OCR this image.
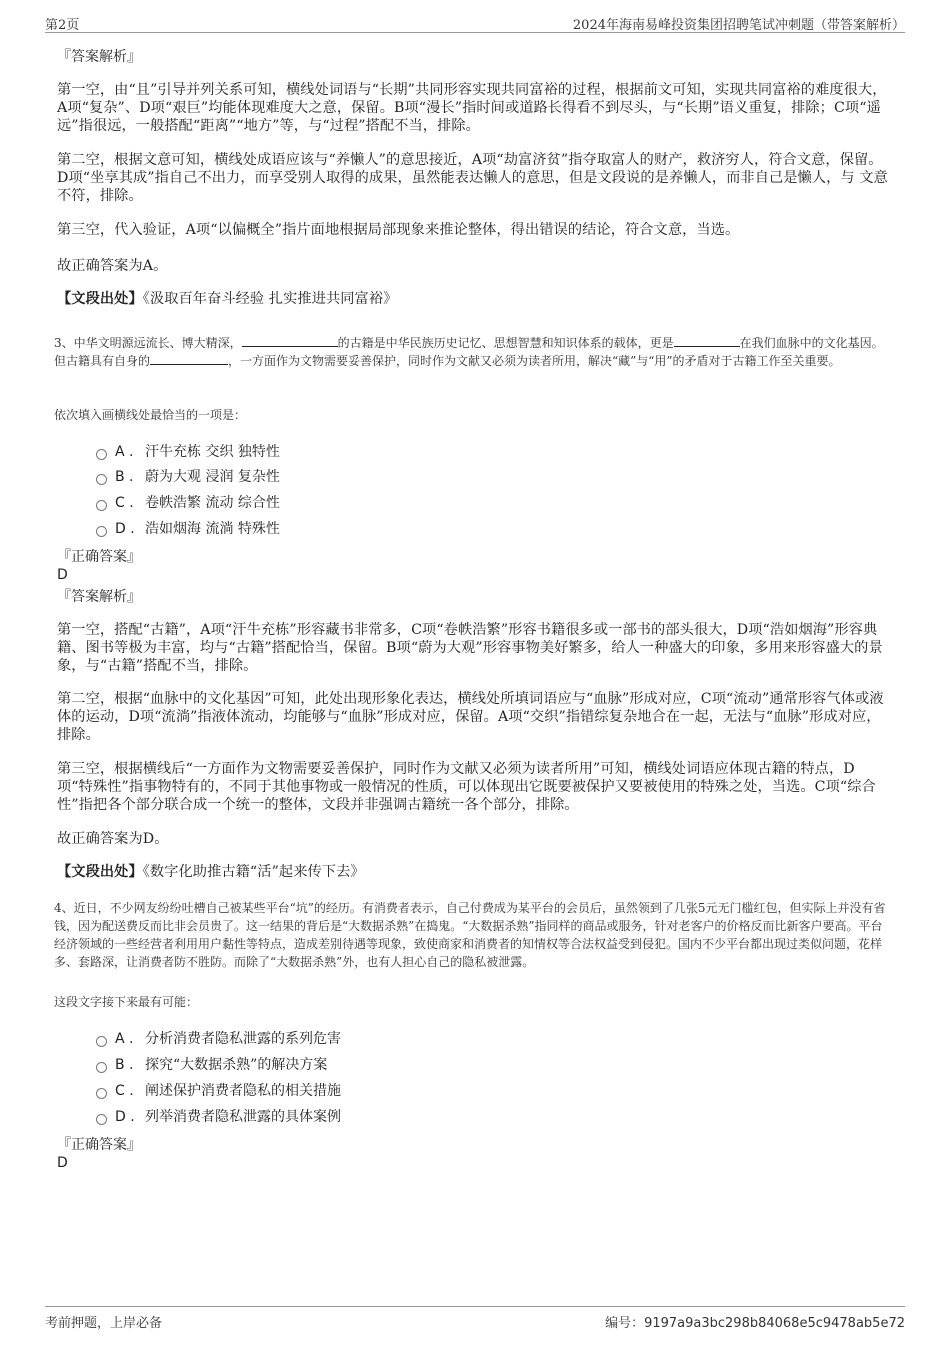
第2页	2024年海南易峰投资集团招聘笔试冲刺题（带答案解析）
『答案解析』

第一空，由“且”引导并列关系可知，横线处词语与“长期”共同形容实现共同富裕的过程，根据前文可知，实现共同富裕的难度很大，A项“复杂”、D项“艰巨”均能体现难度大之意，保留。B项“漫长”指时间或道路长得看不到尽头，与“长期”语义重复，排除；C项“遥远”指很远，一般搭配“距离”“地方”等，与“过程”搭配不当，排除。

第二空，根据文意可知，横线处成语应该与“养懒人”的意思接近，A项“劫富济贫”指夺取富人的财产，救济穷人，符合文意，保留。D项“坐享其成”指自己不出力，而享受别人取得的成果，虽然能表达懒人的意思，但是文段说的是养懒人，而非自己是懒人，与 文意 不符，排除。

第三空，代入验证，A项“以偏概全”指片面地根据局部现象来推论整体，得出错误的结论，符合文意，当选。

故正确答案为A。

【文段出处】《汲取百年奋斗经验 扎实推进共同富裕》

3、中华文明源远流长、博大精深，	的古籍是中华民族历史记忆、思想智慧和知识体系的载体，更是	在我们血脉中的文化基因。但古籍具有自身的	，一方面作为文物需要妥善保护，同时作为文献又必须为读者所用，解决“藏”与“用”的矛盾对于古籍工作至关重要。

依次填入画横线处最恰当的一项是：

A . 汗牛充栋 交织 独特性
B . 蔚为大观 浸润 复杂性
C . 卷帙浩繁 流动 综合性
D . 浩如烟海 流淌 特殊性
『正确答案』
D
『答案解析』

第一空，搭配“古籍”，A项“汗牛充栋”形容藏书非常多，C项“卷帙浩繁”形容书籍很多或一部书的部头很大，D项“浩如烟海”形容典籍、图书等极为丰富，均与“古籍”搭配恰当，保留。B项“蔚为大观”形容事物美好繁多，给人一种盛大的印象，多用来形容盛大的景象，与“古籍”搭配不当，排除。

第二空，根据“血脉中的文化基因”可知，此处出现形象化表达，横线处所填词语应与“血脉”形成对应，C项“流动”通常形容气体或液体的运动，D项“流淌”指液体流动，均能够与“血脉”形成对应，保留。A项“交织”指错综复杂地合在一起，无法与“血脉”形成对应，排除。

第三空，根据横线后“一方面作为文物需要妥善保护，同时作为文献又必须为读者所用”可知，横线处词语应体现古籍的特点，D项“特殊性”指事物特有的，不同于其他事物或一般情况的性质，可以体现出它既要被保护又要被使用的特殊之处，当选。C项“综合性”指把各个部分联合成一个统一的整体，文段并非强调古籍统一各个部分，排除。

故正确答案为D。

【文段出处】《数字化助推古籍“活”起来传下去》

4、近日，不少网友纷纷吐槽自己被某些平台“坑”的经历。有消费者表示，自己付费成为某平台的会员后，虽然领到了几张5元无门槛红包，但实际上并没有省钱，因为配送费反而比非会员贵了。这一结果的背后是“大数据杀熟”在捣鬼。“大数据杀熟”指同样的商品或服务，针对老客户的价格反而比新客户要高。平台经济领域的一些经营者利用用户黏性等特点，造成差别待遇等现象，致使商家和消费者的知情权等合法权益受到侵犯。国内不少平台都出现过类似问题，花样多、套路深，让消费者防不胜防。而除了“大数据杀熟”外，也有人担心自己的隐私被泄露。

这段文字接下来最有可能：

A . 分析消费者隐私泄露的系列危害
B . 探究“大数据杀熟”的解决方案
C . 阐述保护消费者隐私的相关措施
D . 列举消费者隐私泄露的具体案例
『正确答案』
D
考前押题，上岸必备	编号：9197a9a3bc298b84068e5c9478ab5e72
